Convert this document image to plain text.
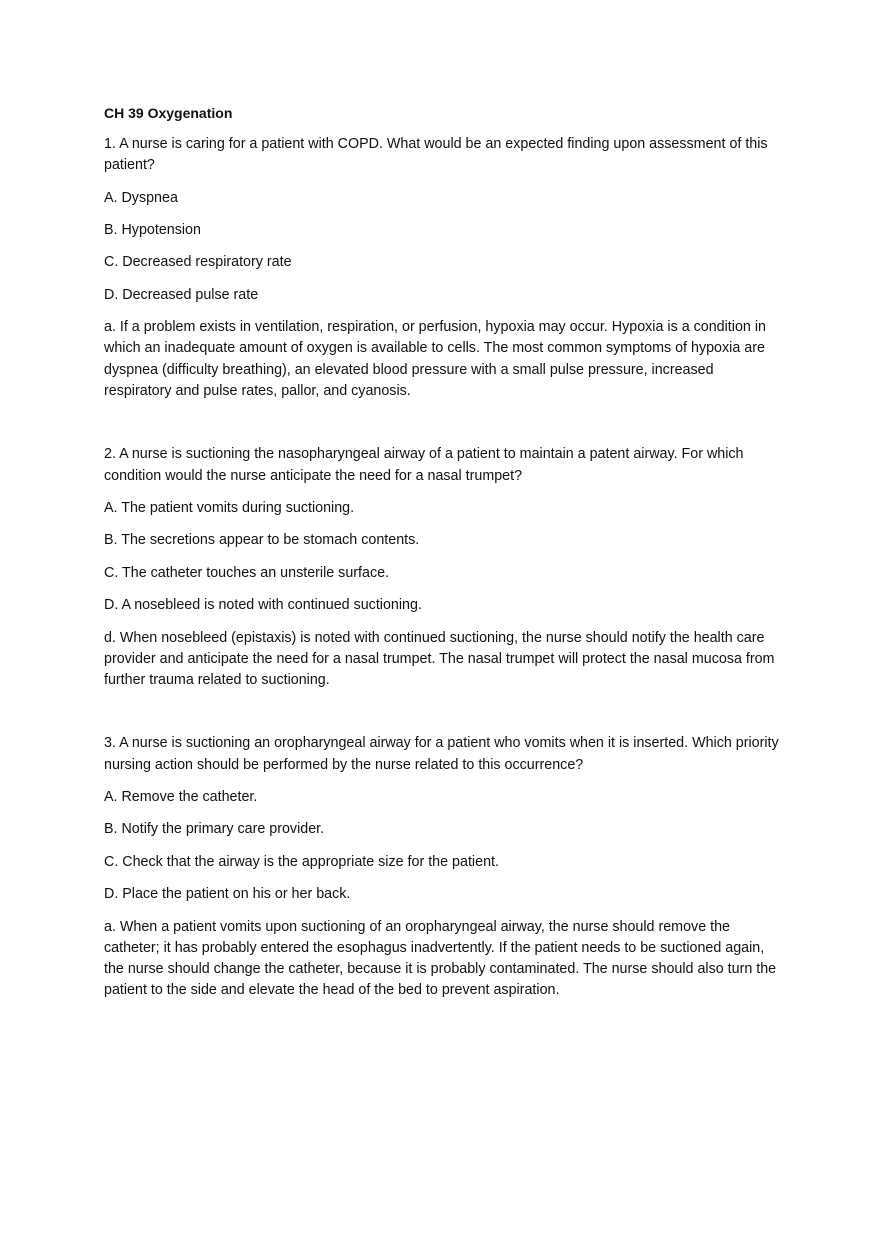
CH 39 Oxygenation

1. A nurse is caring for a patient with COPD. What would be an expected finding upon assessment of this patient?

A. Dyspnea

B. Hypotension

C. Decreased respiratory rate

D. Decreased pulse rate

a. If a problem exists in ventilation, respiration, or perfusion, hypoxia may occur. Hypoxia is a condition in which an inadequate amount of oxygen is available to cells. The most common symptoms of hypoxia are dyspnea (difﬁculty breathing), an elevated blood pressure with a small pulse pressure, increased respiratory and pulse rates, pallor, and cyanosis.

2. A nurse is suctioning the nasopharyngeal airway of a patient to maintain a patent airway. For which condition would the nurse anticipate the need for a nasal trumpet?

A. The patient vomits during suctioning.

B. The secretions appear to be stomach contents.

C. The catheter touches an unsterile surface.

D. A nosebleed is noted with continued suctioning.

d. When nosebleed (epistaxis) is noted with continued suctioning, the nurse should notify the health care provider and anticipate the need for a nasal trumpet. The nasal trumpet will protect the nasal mucosa from further trauma related to suctioning.

3. A nurse is suctioning an oropharyngeal airway for a patient who vomits when it is inserted. Which priority nursing action should be performed by the nurse related to this occurrence?

A. Remove the catheter.

B. Notify the primary care provider.

C. Check that the airway is the appropriate size for the patient.

D. Place the patient on his or her back.

a. When a patient vomits upon suctioning of an oropharyngeal airway, the nurse should remove the catheter; it has probably entered the esophagus inadvertently. If the patient needs to be suctioned again, the nurse should change the catheter, because it is probably contaminated. The nurse should also turn the patient to the side and elevate the head of the bed to prevent aspiration.
